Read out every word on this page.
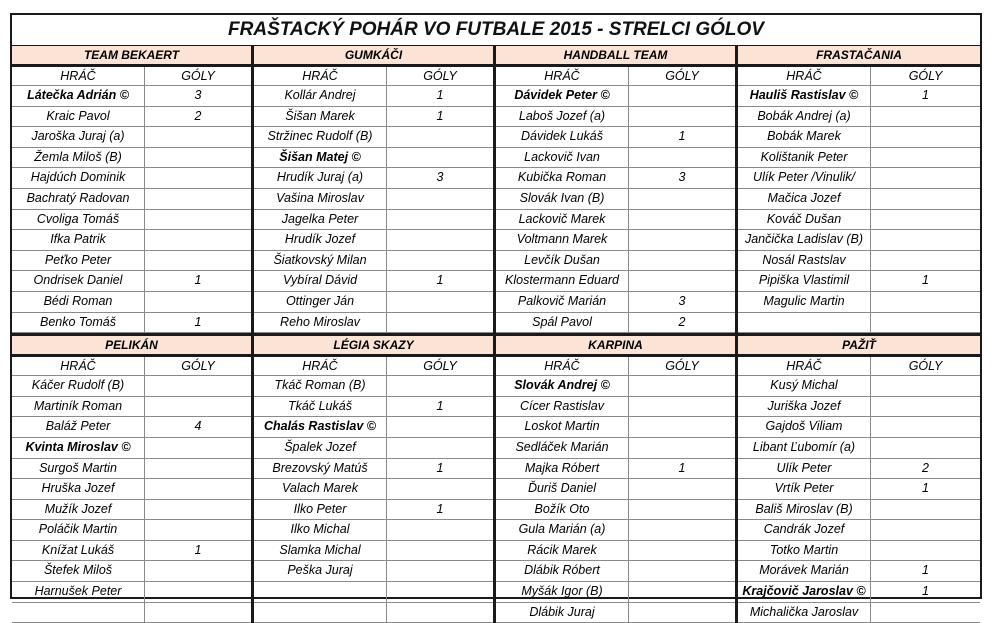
FRAŠTACKÝ POHÁR VO FUTBALE 2015 - STRELCI GÓLOV
TEAM BEKAERT
HRÁČ	GÓLY
Látečka Adrián ©	3
Kraic Pavol	2
Jaroška Juraj (a)
Žemla Miloš (B)
Hajdúch Dominik
Bachratý Radovan
Cvoliga Tomáš
Ifka Patrik
Peťko Peter
Ondrisek Daniel	1
Bédi Roman
Benko Tomáš	1
GUMKÁČI
HRÁČ	GÓLY
Kollár Andrej	1
Šišan Marek	1
Stržinec Rudolf (B)
Šišan Matej ©
Hrudík Juraj (a)	3
Vašina Miroslav
Jagelka Peter
Hrudík Jozef
Šiatkovský Milan
Vybíral Dávid	1
Ottinger Ján
Reho Miroslav
HANDBALL TEAM
HRÁČ	GÓLY
Dávidek Peter ©
Laboš Jozef (a)
Dávidek Lukáš	1
Lackovič Ivan
Kubička Roman	3
Slovák Ivan (B)
Lackovič Marek
Voltmann Marek
Levčík Dušan
Klostermann Eduard
Palkovič Marián	3
Spál Pavol	2
FRASTAČANIA
HRÁČ	GÓLY
Hauliš Rastislav ©	1
Bobák Andrej (a)
Bobák Marek
Kolištanik Peter
Ulík Peter /Vinulik/
Mačica Jozef
Kováč Dušan
Jančička Ladislav (B)
Nosál Rastslav
Pipiška Vlastimil	1
Magulic Martin
PELIKÁN
HRÁČ	GÓLY
Káčer Rudolf (B)
Martiník Roman
Baláž Peter	4
Kvinta Miroslav ©
Surgoš Martin
Hruška Jozef
Mužík Jozef
Poláčik Martin
Knížat Lukáš	1
Štefek Miloš
Harnušek Peter
LÉGIA SKAZY
HRÁČ	GÓLY
Tkáč Roman (B)
Tkáč Lukáš	1
Chalás Rastislav ©
Špalek Jozef
Brezovský Matúš	1
Valach Marek
Ilko Peter	1
Ilko Michal
Slamka Michal
Peška Juraj
KARPINA
HRÁČ	GÓLY
Slovák Andrej ©
Cícer Rastislav
Loskot Martin
Sedláček Marián
Majka Róbert	1
Ďuriš Daniel
Božík Oto
Gula Marián (a)
Rácik Marek
Dlábik Róbert
Myšák Igor (B)
Dlábik Juraj
PAŽIŤ
HRÁČ	GÓLY
Kusý Michal
Juriška Jozef
Gajdoš Viliam
Libant Ľubomír (a)
Ulík Peter	2
Vrtík Peter	1
Bališ Miroslav (B)
Candrák Jozef
Totko Martin
Morávek Marián	1
Krajčovič Jaroslav ©	1
Michalička Jaroslav
